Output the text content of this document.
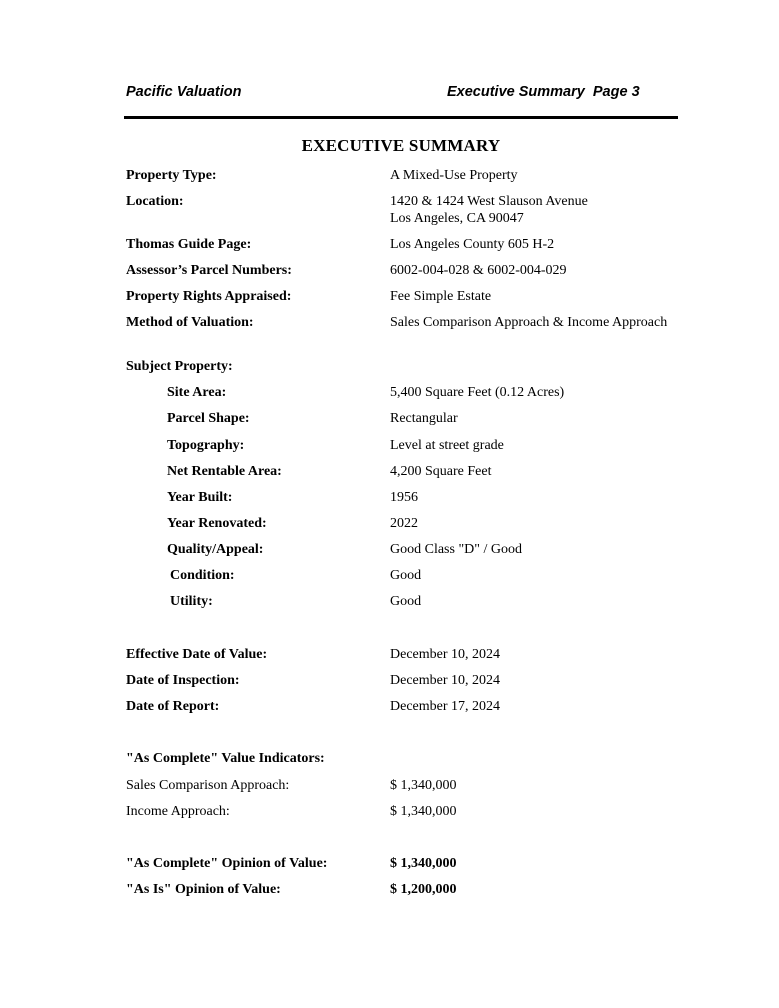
Pacific Valuation	Executive Summary  Page 3
EXECUTIVE SUMMARY
Property Type:	A Mixed-Use Property
Location:	1420 & 1424 West Slauson Avenue
Los Angeles, CA 90047
Thomas Guide Page:	Los Angeles County 605 H-2
Assessor’s Parcel Numbers:	6002-004-028 & 6002-004-029
Property Rights Appraised:	Fee Simple Estate
Method of Valuation:	Sales Comparison Approach & Income Approach
Subject Property:
Site Area:	5,400 Square Feet (0.12 Acres)
Parcel Shape:	Rectangular
Topography:	Level at street grade
Net Rentable Area:	4,200 Square Feet
Year Built:	1956
Year Renovated:	2022
Quality/Appeal:	Good Class "D" / Good
Condition:	Good
Utility:	Good
Effective Date of Value:	December 10, 2024
Date of Inspection:	December 10, 2024
Date of Report:	December 17, 2024
"As Complete" Value Indicators:
Sales Comparison Approach:	$ 1,340,000
Income Approach:	$ 1,340,000
"As Complete" Opinion of Value:	$ 1,340,000
"As Is" Opinion of Value:	$ 1,200,000
